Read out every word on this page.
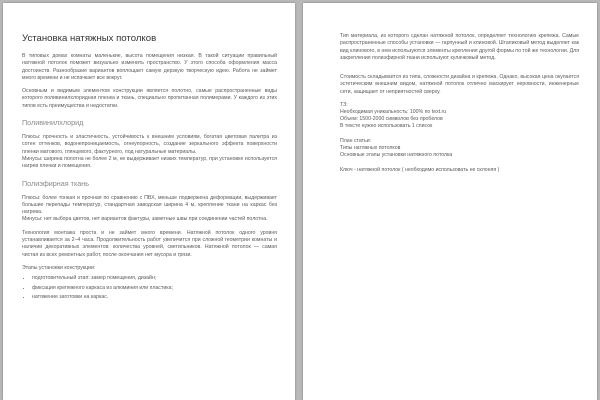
Установка натяжных потолков

В типовых домах комнаты маленькие, высота помещения низкая. В такой ситуации правильный натяжной потолок поможет визуально изменить пространство. У этого способа оформления масса достоинств. Разнообразие вариантов воплощает самую дерзкую творческую идею. Работа не займет много времени и не испачкает все вокруг.

Основным и видимым элементом конструкции является полотно, самые распространенные виды которого поливинилхлоридная пленка и ткань, специально пропитанная полимерами. У каждого из этих типов есть преимущества и недостатки.

Поливинилхлорид

Плюсы: прочность и эластичность, устойчивость к внешним условиям, богатая цветовая палитра из сотен оттенков, водонепроницаемость, огнеупорность, создание зеркального эффекта поверхности пленки матового, глянцевого, фактурного, под натуральные материалы.

Минусы: ширина полотна не более 2 м, не выдерживает низких температур, при установке используется нагрев пленки и помещения.

Полиэфирная ткань

Плюсы: более тонкая и прочная по сравнению с ПВХ, меньше подвержена деформации, выдерживает большие перепады температур, стандартная заводская ширина 4 м, крепление ткани на каркас без нагрева.

Минусы: нет выбора цветов, нет вариантов фактуры, заметные швы при соединении частей полотна.

Технология монтажа проста и не займет много времени. Натяжной потолок одного уровня устанавливается за 2–4 часа. Продолжительность работ увеличится при сложной геометрии комнаты и наличии декоративных элементов: количества уровней, светильников. Натяжной потолок — самая чистая из всех ремонтных работ, после окончания нет мусора и грязи.

Этапы установки конструкции:

• подготовительный этап: замер помещения, дизайн;
• фиксация крепежного каркаса из алюминия или пластика;
• натяжение заготовки на каркас.

Тип материала, из которого сделан натяжной потолок, определяет технологию крепежа. Самые распространенные способы установки — гарпунный и клиновой. Штапиковый метод выделяет как вид клинового, в нем используются элементы крепления другой формы по той же технологии. Для закрепления полиэфирной ткани используют кулачковый метод.

Стоимость складывается из типа, сложности дизайна и крепежа. Однако, высокая цена окупается эстетическим внешним видом, натяжной потолок отлично маскирует неровности, инженерные сети, защищает от неприятностей сверху.

ТЗ:
Необходимая уникальность: 100% по text.ru
Объем: 1500-2000 символов без пробелов
В тексте нужно использовать 1 список
План статьи:
Типы натяжных потолков
Основные этапы установки натяжного потолка
Ключ - натяжной потолок ( необходимо использовать не склоняя )
